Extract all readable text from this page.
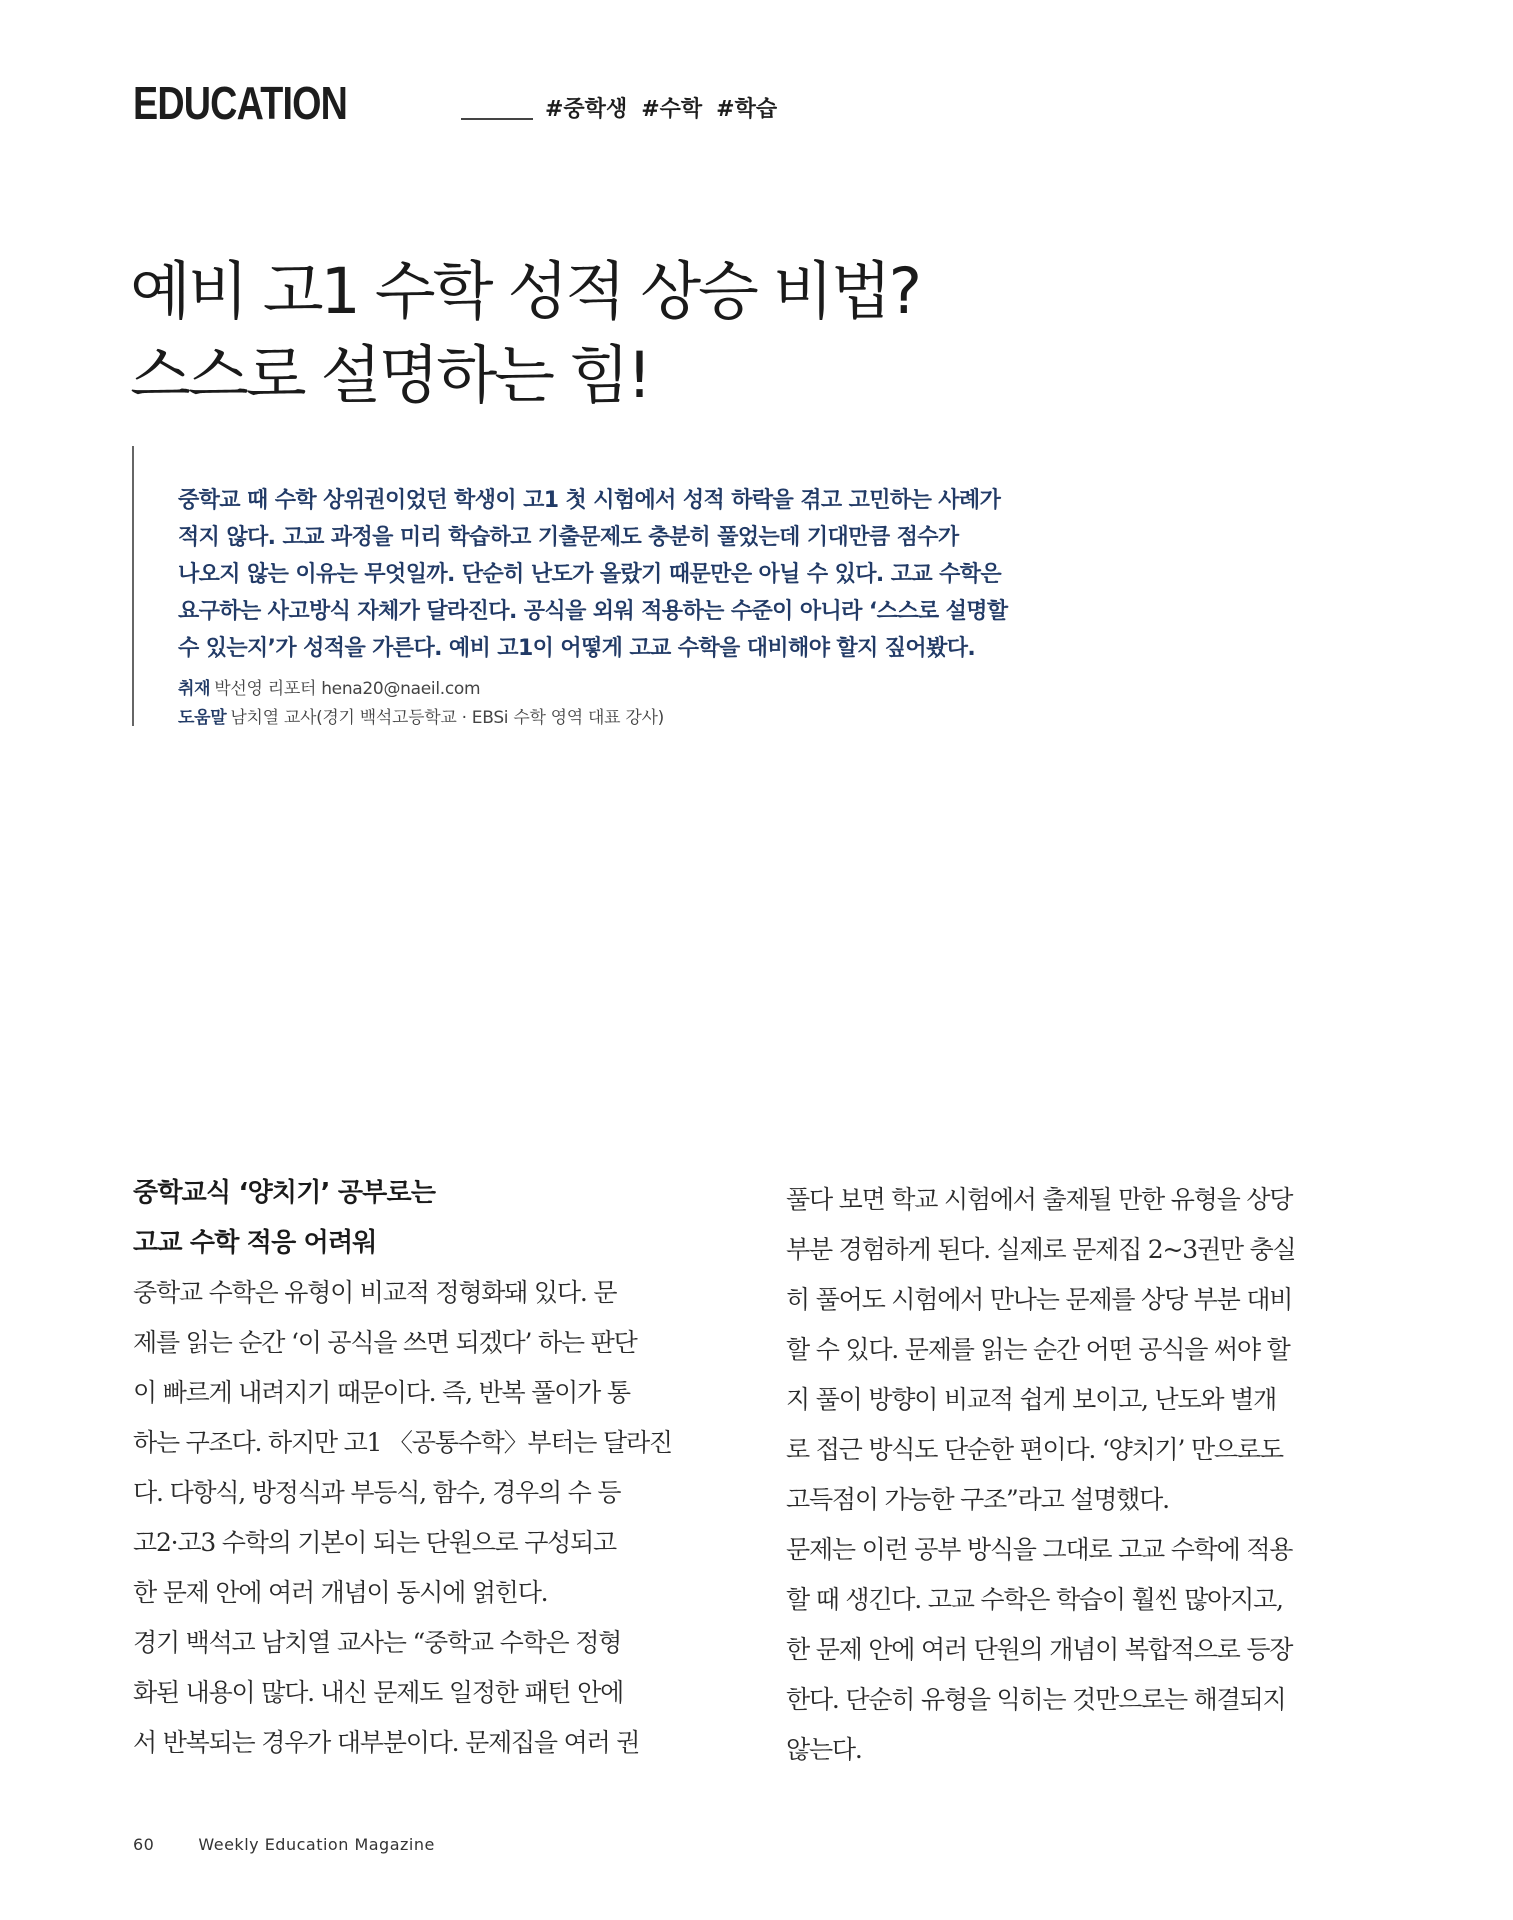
EDUCATION	#중학생 #수학 #학습
예비 고1 수학 성적 상승 비법?
스스로 설명하는 힘!
중학교 때 수학 상위권이었던 학생이 고1 첫 시험에서 성적 하락을 겪고 고민하는 사례가
적지 않다. 고교 과정을 미리 학습하고 기출문제도 충분히 풀었는데 기대만큼 점수가
나오지 않는 이유는 무엇일까. 단순히 난도가 올랐기 때문만은 아닐 수 있다. 고교 수학은
요구하는 사고방식 자체가 달라진다. 공식을 외워 적용하는 수준이 아니라 ‘스스로 설명할
수 있는지’가 성적을 가른다. 예비 고1이 어떻게 고교 수학을 대비해야 할지 짚어봤다.
취재 박선영 리포터 hena20@naeil.com
도움말 남치열 교사(경기 백석고등학교 · EBSi 수학 영역 대표 강사)
중학교식 ‘양치기’ 공부로는
고교 수학 적응 어려워
중학교 수학은 유형이 비교적 정형화돼 있다. 문
제를 읽는 순간 ‘이 공식을 쓰면 되겠다’ 하는 판단
이 빠르게 내려지기 때문이다. 즉, 반복 풀이가 통
하는 구조다. 하지만 고1 〈공통수학〉부터는 달라진
다. 다항식, 방정식과 부등식, 함수, 경우의 수 등
고2·고3 수학의 기본이 되는 단원으로 구성되고
한 문제 안에 여러 개념이 동시에 얽힌다.
경기 백석고 남치열 교사는 “중학교 수학은 정형
화된 내용이 많다. 내신 문제도 일정한 패턴 안에
서 반복되는 경우가 대부분이다. 문제집을 여러 권
풀다 보면 학교 시험에서 출제될 만한 유형을 상당
부분 경험하게 된다. 실제로 문제집 2~3권만 충실
히 풀어도 시험에서 만나는 문제를 상당 부분 대비
할 수 있다. 문제를 읽는 순간 어떤 공식을 써야 할
지 풀이 방향이 비교적 쉽게 보이고, 난도와 별개
로 접근 방식도 단순한 편이다. ‘양치기’ 만으로도
고득점이 가능한 구조”라고 설명했다.
문제는 이런 공부 방식을 그대로 고교 수학에 적용
할 때 생긴다. 고교 수학은 학습이 훨씬 많아지고,
한 문제 안에 여러 단원의 개념이 복합적으로 등장
한다. 단순히 유형을 익히는 것만으로는 해결되지
않는다.
60	Weekly Education Magazine
